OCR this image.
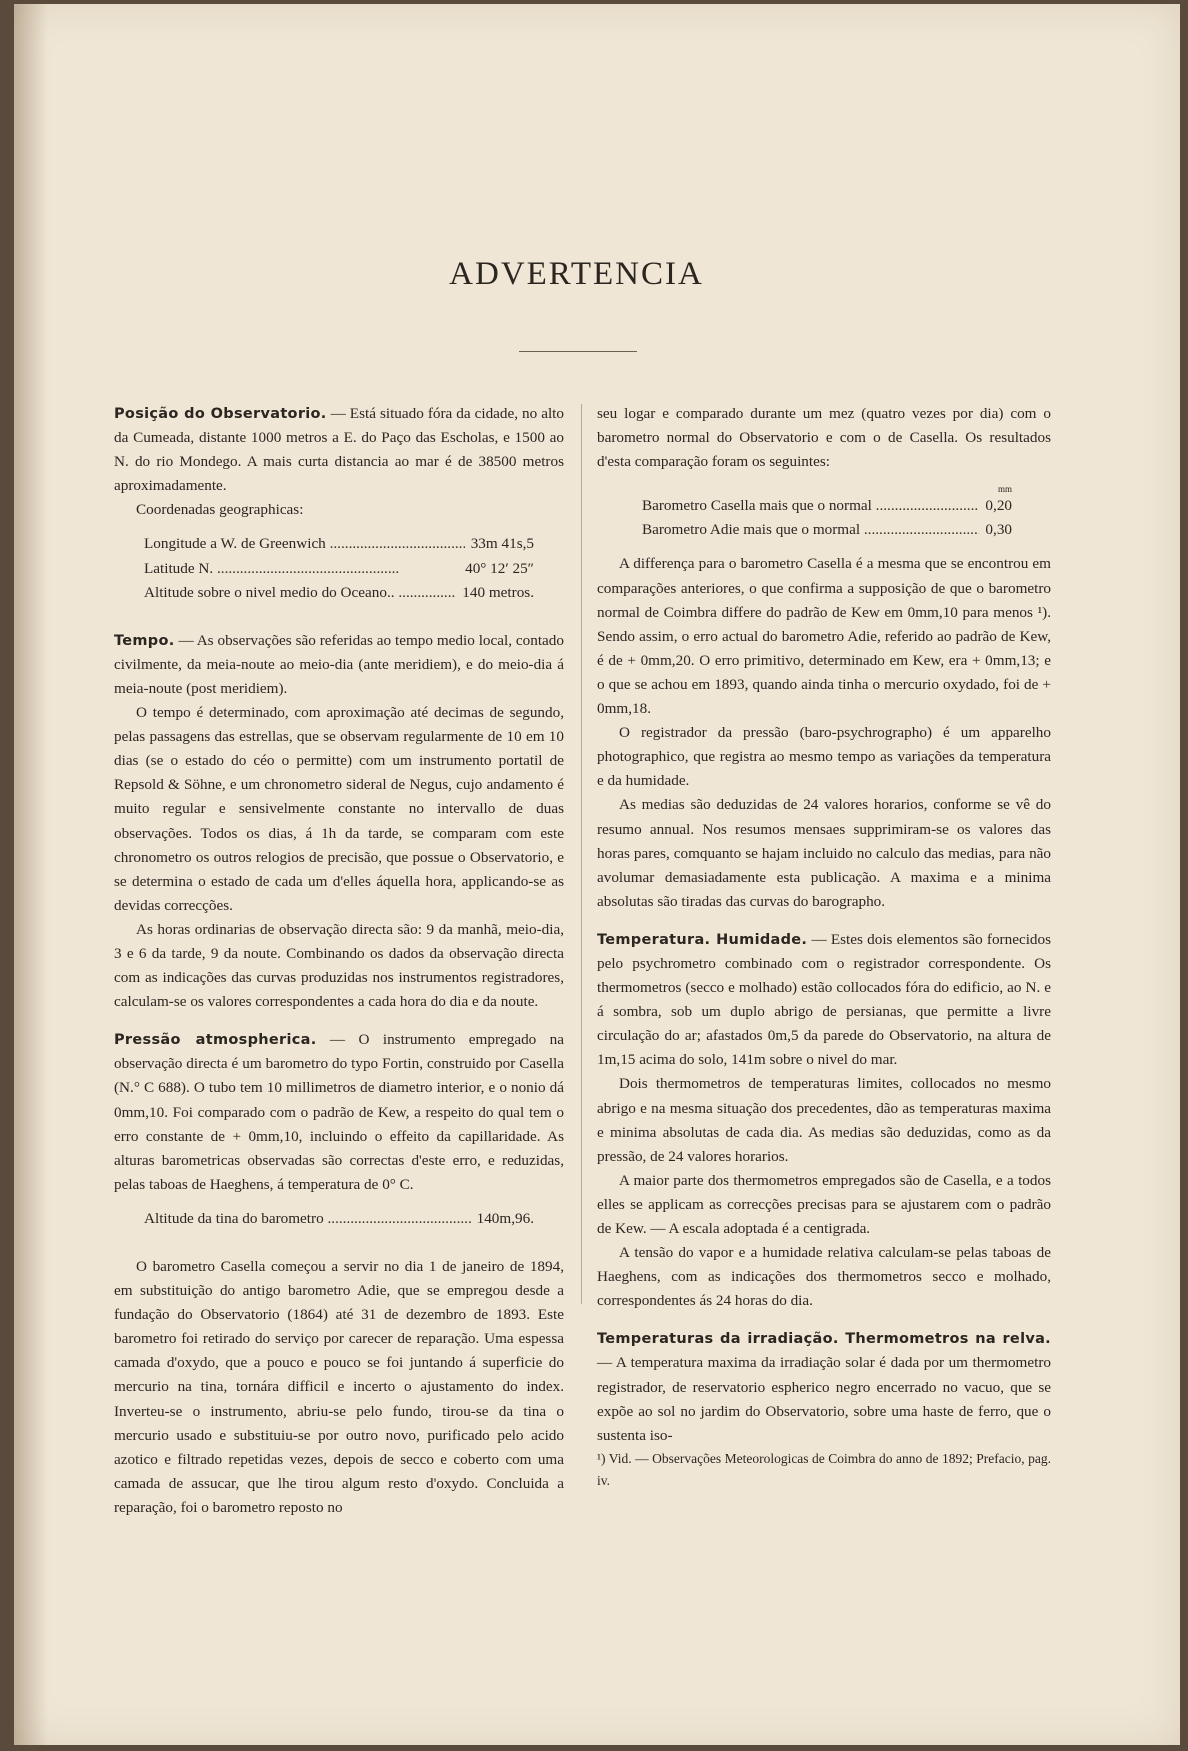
ADVERTENCIA

Posição do Observatorio. — Está situado fóra da cidade, no alto da Cumeada, distante 1000 metros a E. do Paço das Escholas, e 1500 ao N. do rio Mondego. A mais curta distancia ao mar é de 38500 metros aproximadamente.

Coordenadas geographicas:

Longitude a W. de Greenwich .....	33m 41s,5
Latitude N. .....	40° 12′ 25″
Altitude sobre o nivel medio do Oceano.. .....	140 metros.

Tempo. — As observações são referidas ao tempo medio local, contado civilmente, da meia-noute ao meio-dia (ante meridiem), e do meio-dia á meia-noute (post meridiem).

O tempo é determinado, com aproximação até decimas de segundo, pelas passagens das estrellas, que se observam regularmente de 10 em 10 dias (se o estado do céo o permitte) com um instrumento portatil de Repsold & Söhne, e um chronometro sideral de Negus, cujo andamento é muito regular e sensivelmente constante no intervallo de duas observações. Todos os dias, á 1h da tarde, se comparam com este chronometro os outros relogios de precisão, que possue o Observatorio, e se determina o estado de cada um d'elles áquella hora, applicando-se as devidas correcções.

As horas ordinarias de observação directa são: 9 da manhã, meio-dia, 3 e 6 da tarde, 9 da noute. Combinando os dados da observação directa com as indicações das curvas produzidas nos instrumentos registradores, calculam-se os valores correspondentes a cada hora do dia e da noute.

Pressão atmospherica. — O instrumento empregado na observação directa é um barometro do typo Fortin, construido por Casella (N.° C 688). O tubo tem 10 millimetros de diametro interior, e o nonio dá 0mm,10. Foi comparado com o padrão de Kew, a respeito do qual tem o erro constante de + 0mm,10, incluindo o effeito da capillaridade. As alturas barometricas observadas são correctas d'este erro, e reduzidas, pelas taboas de Haeghens, á temperatura de 0° C.

Altitude da tina do barometro .....	140m,96.

O barometro Casella começou a servir no dia 1 de janeiro de 1894, em substituição do antigo barometro Adie, que se empregou desde a fundação do Observatorio (1864) até 31 de dezembro de 1893. Este barometro foi retirado do serviço por carecer de reparação. Uma espessa camada d'oxydo, que a pouco e pouco se foi juntando á superficie do mercurio na tina, tornára difficil e incerto o ajustamento do index. Inverteu-se o instrumento, abriu-se pelo fundo, tirou-se da tina o mercurio usado e substituiu-se por outro novo, purificado pelo acido azotico e filtrado repetidas vezes, depois de secco e coberto com uma camada de assucar, que lhe tirou algum resto d'oxydo. Concluida a reparação, foi o barometro reposto no

seu logar e comparado durante um mez (quatro vezes por dia) com o barometro normal do Observatorio e com o de Casella. Os resultados d'esta comparação foram os seguintes:

mm
Barometro Casella mais que o normal .....	0,20
Barometro Adie mais que o mormal .....	0,30

A differença para o barometro Casella é a mesma que se encontrou em comparações anteriores, o que confirma a supposição de que o barometro normal de Coimbra differe do padrão de Kew em 0mm,10 para menos ¹). Sendo assim, o erro actual do barometro Adie, referido ao padrão de Kew, é de + 0mm,20. O erro primitivo, determinado em Kew, era + 0mm,13; e o que se achou em 1893, quando ainda tinha o mercurio oxydado, foi de + 0mm,18.

O registrador da pressão (baro-psychrographo) é um apparelho photographico, que registra ao mesmo tempo as variações da temperatura e da humidade.

As medias são deduzidas de 24 valores horarios, conforme se vê do resumo annual. Nos resumos mensaes supprimiram-se os valores das horas pares, comquanto se hajam incluido no calculo das medias, para não avolumar demasiadamente esta publicação. A maxima e a minima absolutas são tiradas das curvas do barographo.

Temperatura. Humidade. — Estes dois elementos são fornecidos pelo psychrometro combinado com o registrador correspondente. Os thermometros (secco e molhado) estão collocados fóra do edificio, ao N. e á sombra, sob um duplo abrigo de persianas, que permitte a livre circulação do ar; afastados 0m,5 da parede do Observatorio, na altura de 1m,15 acima do solo, 141m sobre o nivel do mar.

Dois thermometros de temperaturas limites, collocados no mesmo abrigo e na mesma situação dos precedentes, dão as temperaturas maxima e minima absolutas de cada dia. As medias são deduzidas, como as da pressão, de 24 valores horarios.

A maior parte dos thermometros empregados são de Casella, e a todos elles se applicam as correcções precisas para se ajustarem com o padrão de Kew. — A escala adoptada é a centigrada.

A tensão do vapor e a humidade relativa calculam-se pelas taboas de Haeghens, com as indicações dos thermometros secco e molhado, correspondentes ás 24 horas do dia.

Temperaturas da irradiação. Thermometros na relva. — A temperatura maxima da irradiação solar é dada por um thermometro registrador, de reservatorio espherico negro encerrado no vacuo, que se expõe ao sol no jardim do Observatorio, sobre uma haste de ferro, que o sustenta iso-

¹) Vid. — Observações Meteorologicas de Coimbra do anno de 1892; Prefacio, pag. iv.
